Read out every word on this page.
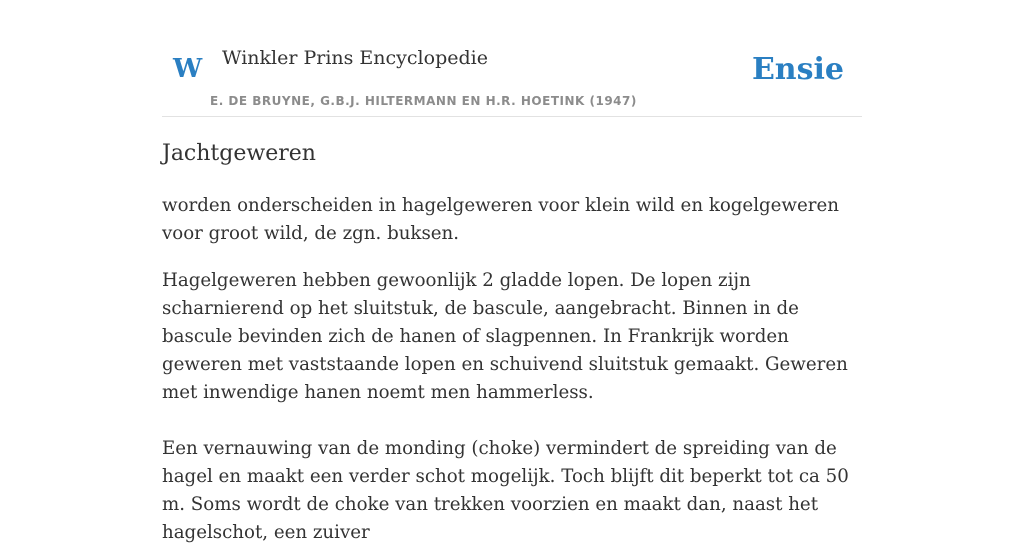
W Winkler Prins Encyclopedie
E. DE BRUYNE, G.B.J. HILTERMANN EN H.R. HOETINK (1947)
Ensie
Jachtgeweren

worden onderscheiden in hagelgeweren voor klein wild en kogelgeweren voor groot wild, de zgn. buksen.

Hagelgeweren hebben gewoonlijk 2 gladde lopen. De lopen zijn scharnierend op het sluitstuk, de bascule, aangebracht. Binnen in de bascule bevinden zich de hanen of slagpennen. In Frankrijk worden geweren met vaststaande lopen en schuivend sluitstuk gemaakt. Geweren met inwendige hanen noemt men hammerless.

Een vernauwing van de monding (choke) vermindert de spreiding van de hagel en maakt een verder schot mogelijk. Toch blijft dit beperkt tot ca 50 m. Soms wordt de choke van trekken voorzien en maakt dan, naast het hagelschot, een zuiver
